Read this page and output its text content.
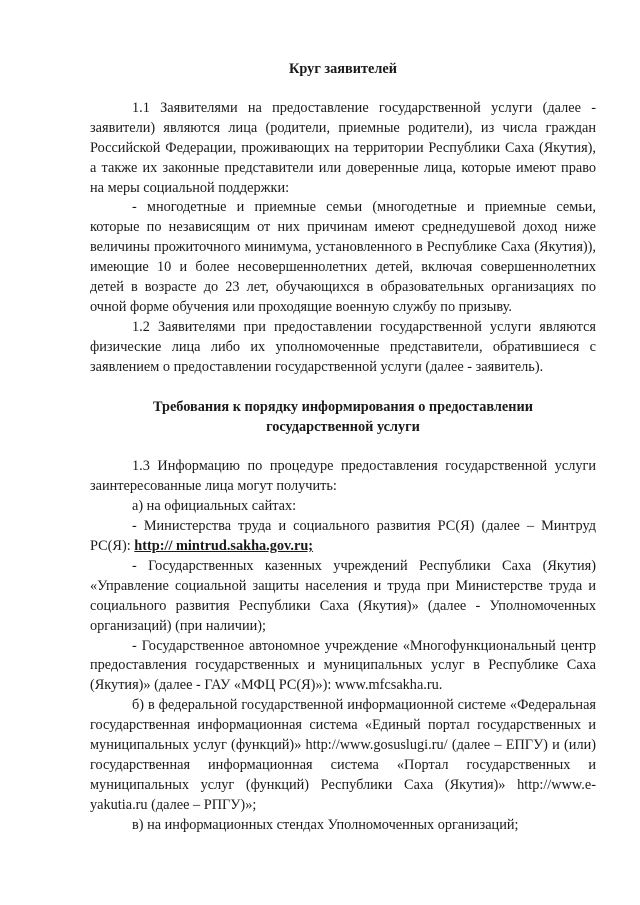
Круг заявителей

1.1 Заявителями на предоставление государственной услуги (далее - заявители) являются лица (родители, приемные родители), из числа граждан Российской Федерации, проживающих на территории Республики Саха (Якутия), а также их законные представители или доверенные лица, которые имеют право на меры социальной поддержки:

- многодетные и приемные семьи (многодетные и приемные семьи, которые по независящим от них причинам имеют среднедушевой доход ниже величины прожиточного минимума, установленного в Республике Саха (Якутия)), имеющие 10 и более несовершеннолетних детей, включая совершеннолетних детей в возрасте до 23 лет, обучающихся в образовательных организациях по очной форме обучения или проходящие военную службу по призыву.

1.2 Заявителями при предоставлении государственной услуги являются физические лица либо их уполномоченные представители, обратившиеся с заявлением о предоставлении государственной услуги (далее - заявитель).

Требования к порядку информирования о предоставлении
государственной услуги

1.3 Информацию по процедуре предоставления государственной услуги заинтересованные лица могут получить:

а) на официальных сайтах:

- Министерства труда и социального развития РС(Я) (далее – Минтруд РС(Я): http:// mintrud.sakha.gov.ru;

- Государственных казенных учреждений Республики Саха (Якутия) «Управление социальной защиты населения и труда при Министерстве труда и социального развития Республики Саха (Якутия)» (далее - Уполномоченных организаций) (при наличии);

- Государственное автономное учреждение «Многофункциональный центр предоставления государственных и муниципальных услуг в Республике Саха (Якутия)» (далее - ГАУ «МФЦ РС(Я)»): www.mfcsakha.ru.

б) в федеральной государственной информационной системе «Федеральная государственная информационная система «Единый портал государственных и муниципальных услуг (функций)» http://www.gosuslugi.ru/ (далее – ЕПГУ) и (или) государственная информационная система «Портал государственных и муниципальных услуг (функций) Республики Саха (Якутия)» http://www.e-yakutia.ru (далее – РПГУ)»;

в) на информационных стендах Уполномоченных организаций;
